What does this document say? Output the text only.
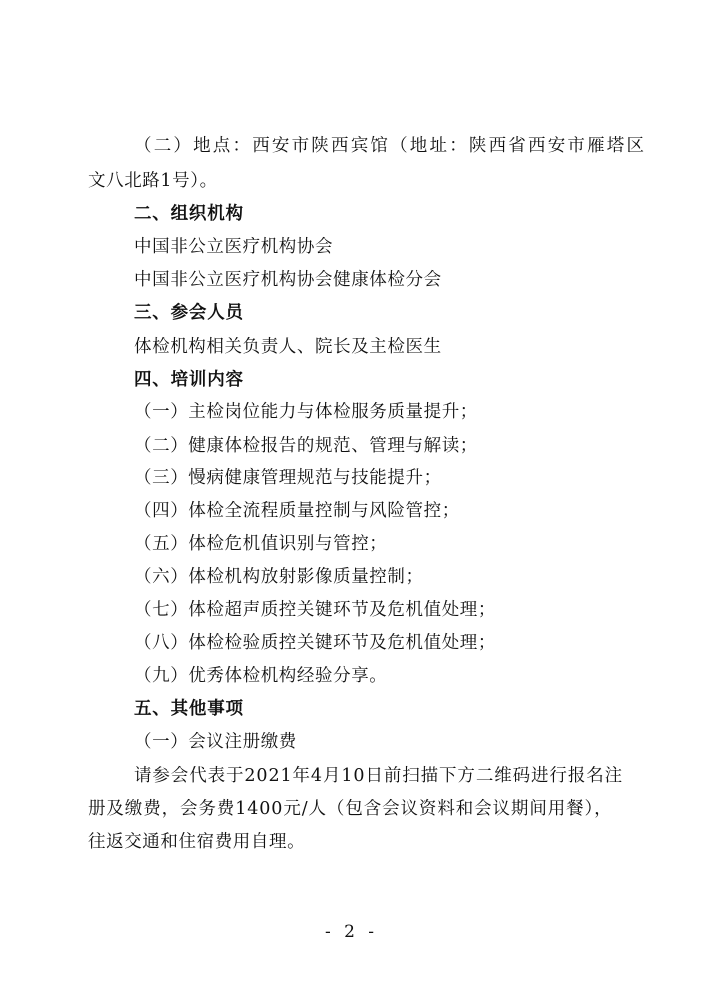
（二）地点：西安市陕西宾馆（地址：陕西省西安市雁塔区
文八北路1号）。
二、组织机构
中国非公立医疗机构协会
中国非公立医疗机构协会健康体检分会
三、参会人员
体检机构相关负责人、院长及主检医生
四、培训内容
（一）主检岗位能力与体检服务质量提升；
（二）健康体检报告的规范、管理与解读；
（三）慢病健康管理规范与技能提升；
（四）体检全流程质量控制与风险管控；
（五）体检危机值识别与管控；
（六）体检机构放射影像质量控制；
（七）体检超声质控关键环节及危机值处理；
（八）体检检验质控关键环节及危机值处理；
（九）优秀体检机构经验分享。
五、其他事项
（一）会议注册缴费
请参会代表于2021年4月10日前扫描下方二维码进行报名注
册及缴费，会务费1400元/人（包含会议资料和会议期间用餐），
往返交通和住宿费用自理。
- 2 -
